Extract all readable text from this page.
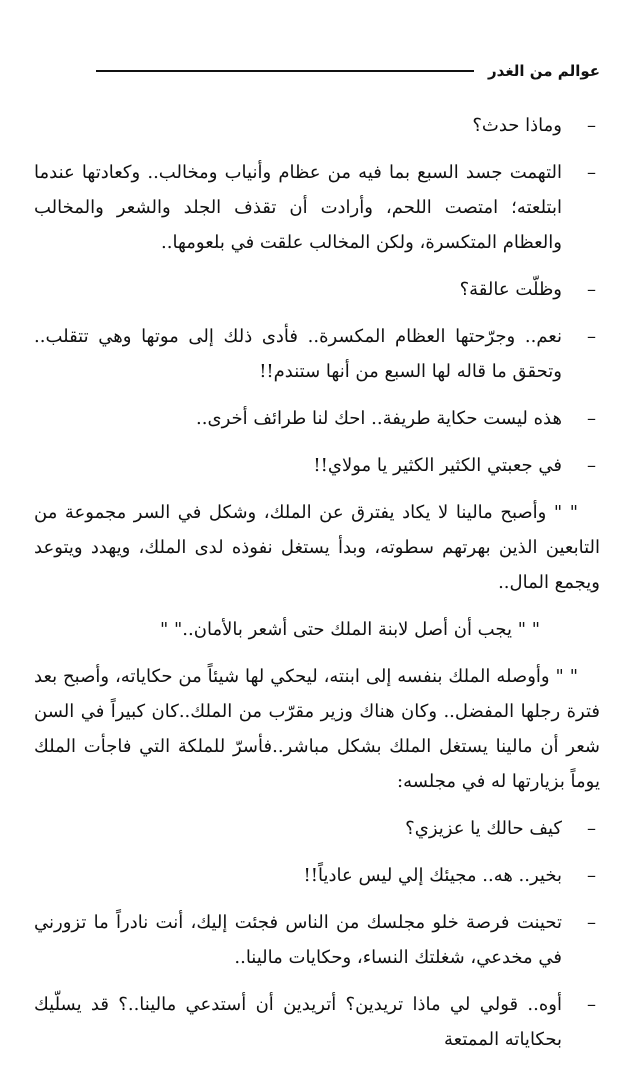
عوالم من الغدر

–
وماذا حدث؟

–
التهمت جسد السبع بما فيه من عظام وأنياب ومخالب.. وكعادتها عندما ابتلعته؛ امتصت اللحم، وأرادت أن تقذف الجلد والشعر والمخالب والعظام المتكسرة، ولكن المخالب علقت في بلعومها..

–
وظلّت عالقة؟

–
نعم.. وجرّحتها العظام المكسرة.. فأدى ذلك إلى موتها وهي تتقلب.. وتحقق ما قاله لها السبع من أنها ستندم!!

–
هذه ليست حكاية طريفة.. احك لنا طرائف أخرى..

–
في جعبتي الكثير الكثير يا مولاي!!

" " وأصبح مالينا لا يكاد يفترق عن الملك، وشكل في السر مجموعة من التابعين الذين بهرتهم سطوته، وبدأ يستغل نفوذه لدى الملك، ويهدد ويتوعد ويجمع المال..

" " يجب أن أصل لابنة الملك حتى أشعر بالأمان.." "

" " وأوصله الملك بنفسه إلى ابنته، ليحكي لها شيئاً من حكاياته، وأصبح بعد فترة رجلها المفضل.. وكان هناك وزير مقرّب من الملك..كان كبيراً في السن شعر أن مالينا يستغل الملك بشكل مباشر..فأسرّ للملكة التي فاجأت الملك يوماً بزيارتها له في مجلسه:

–
كيف حالك يا عزيزي؟

–
بخير.. هه.. مجيئك إلي ليس عادياً!!

–
تحينت فرصة خلو مجلسك من الناس فجئت إليك، أنت نادراً ما تزورني في مخدعي، شغلتك النساء، وحكايات مالينا..

–
أوه.. قولي لي ماذا تريدين؟ أتريدين أن أستدعي مالينا..؟ قد يسلّيك بحكاياته الممتعة
